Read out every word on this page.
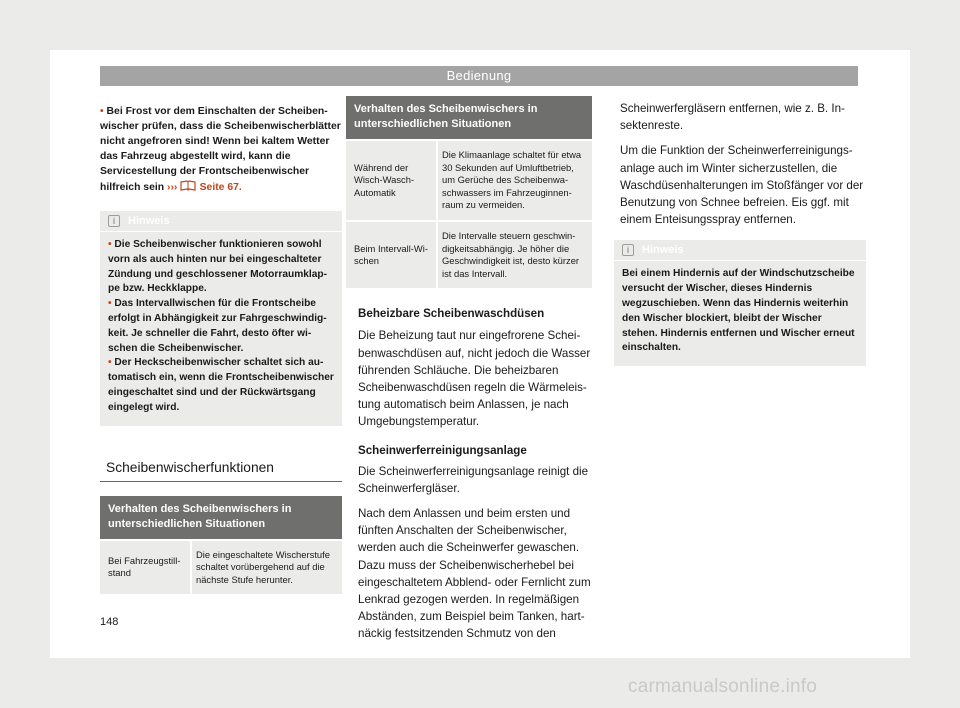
Bedienung
• Bei Frost vor dem Einschalten der Scheibenwischer prüfen, dass die Scheibenwischerblätter nicht angefroren sind! Wenn bei kaltem Wetter das Fahrzeug abgestellt wird, kann die Servicestellung der Frontscheibenwischer hilfreich sein ››› Seite 67.
i	Hinweis
• Die Scheibenwischer funktionieren sowohl vorn als auch hinten nur bei eingeschalteter Zündung und geschlossener Motorraumklappe bzw. Heckklappe.
• Das Intervallwischen für die Frontscheibe erfolgt in Abhängigkeit zur Fahrgeschwindigkeit. Je schneller die Fahrt, desto öfter wischen die Scheibenwischer.
• Der Heckscheibenwischer schaltet sich automatisch ein, wenn die Frontscheibenwischer eingeschaltet sind und der Rückwärtsgang eingelegt wird.
Scheibenwischerfunktionen
Verhalten des Scheibenwischers in unterschiedlichen Situationen
Bei Fahrzeugstillstand
Die eingeschaltete Wischerstufe schaltet vorübergehend auf die nächste Stufe herunter.
Verhalten des Scheibenwischers in unterschiedlichen Situationen
Während der Wisch-Wasch-Automatik
Die Klimaanlage schaltet für etwa 30 Sekunden auf Umluftbetrieb, um Gerüche des Scheibenwaschwassers im Fahrzeuginnenraum zu vermeiden.
Beim Intervall-Wischen
Die Intervalle steuern geschwindigkeitsabhängig. Je höher die Geschwindigkeit ist, desto kürzer ist das Intervall.
Beheizbare Scheibenwaschdüsen
Die Beheizung taut nur eingefrorene Scheibenwaschdüsen auf, nicht jedoch die Wasser führenden Schläuche. Die beheizbaren Scheibenwaschdüsen regeln die Wärmeleistung automatisch beim Anlassen, je nach Umgebungstemperatur.
Scheinwerferreinigungsanlage
Die Scheinwerferreinigungsanlage reinigt die Scheinwerfergläser.
Nach dem Anlassen und beim ersten und fünften Anschalten der Scheibenwischer, werden auch die Scheinwerfer gewaschen. Dazu muss der Scheibenwischerhebel bei eingeschaltetem Abblend- oder Fernlicht zum Lenkrad gezogen werden. In regelmäßigen Abständen, zum Beispiel beim Tanken, hartnäckig festsitzenden Schmutz von den
Scheinwerfergläsern entfernen, wie z. B. Insektenreste.
Um die Funktion der Scheinwerferreinigungsanlage auch im Winter sicherzustellen, die Waschdüsenhalterungen im Stoßfänger vor der Benutzung von Schnee befreien. Eis ggf. mit einem Enteisungsspray entfernen.
i	Hinweis
Bei einem Hindernis auf der Windschutzscheibe versucht der Wischer, dieses Hindernis wegzuschieben. Wenn das Hindernis weiterhin den Wischer blockiert, bleibt der Wischer stehen. Hindernis entfernen und Wischer erneut einschalten.
148
carmanualsonline.info
